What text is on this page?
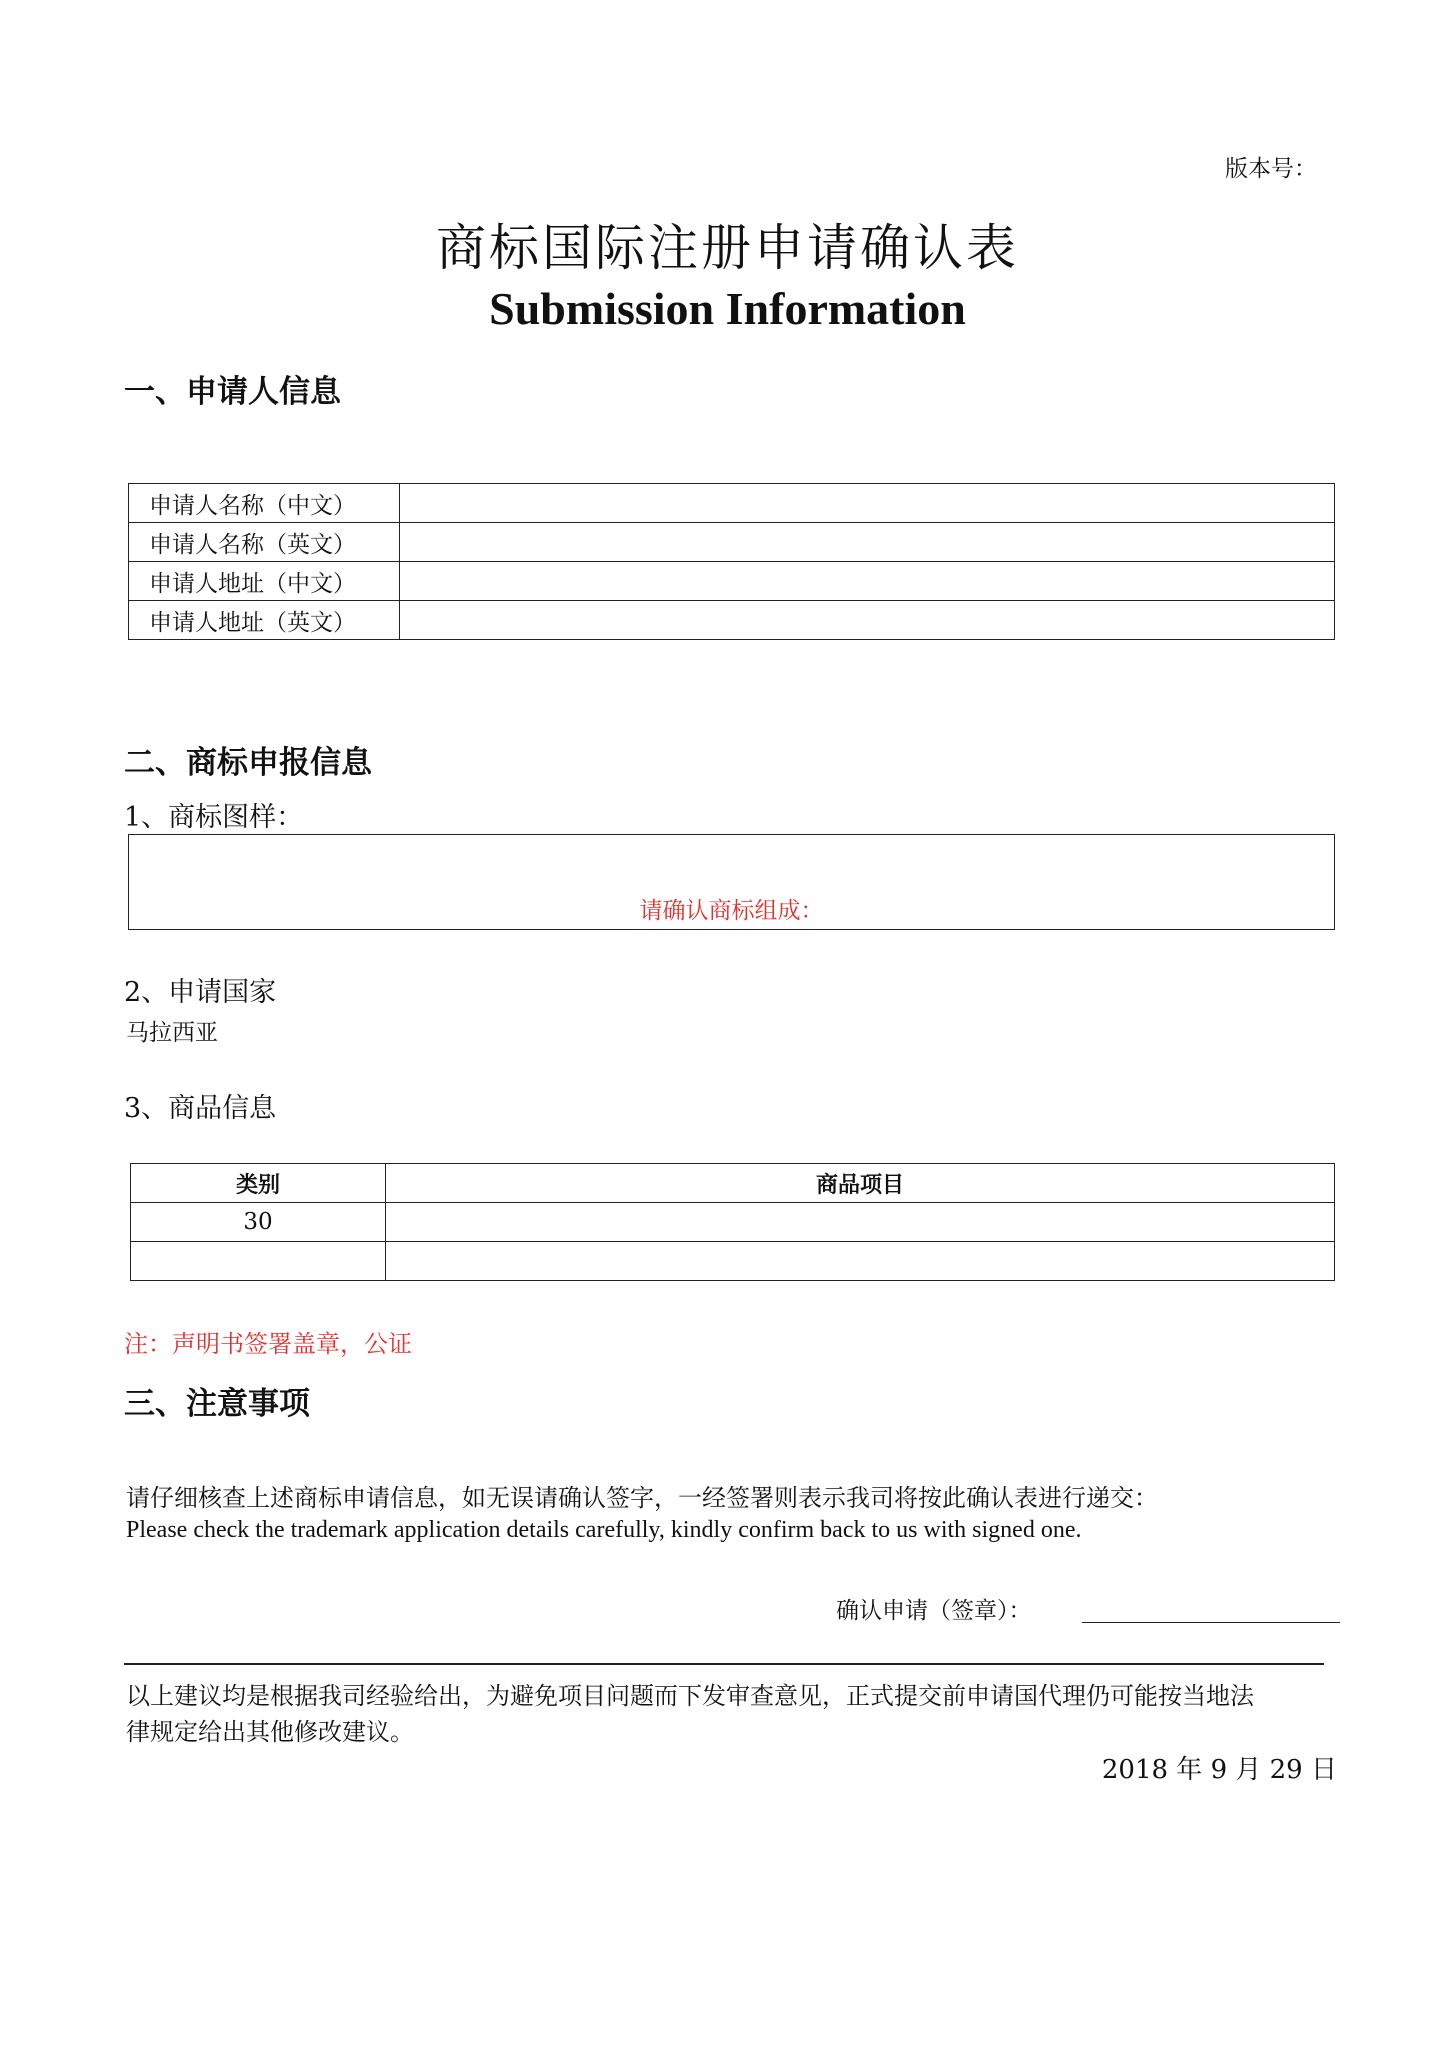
版本号：
商标国际注册申请确认表
Submission Information
一、申请人信息
申请人名称（中文）	
申请人名称（英文）	
申请人地址（中文）	
申请人地址（英文）	
二、商标申报信息
1、商标图样：
请确认商标组成：
2、申请国家
马拉西亚
3、商品信息
类别	商品项目
30	

注：声明书签署盖章，公证
三、注意事项
请仔细核查上述商标申请信息，如无误请确认签字，一经签署则表示我司将按此确认表进行递交：
Please check the trademark application details carefully, kindly confirm back to us with signed one.
确认申请（签章）：
以上建议均是根据我司经验给出，为避免项目问题而下发审查意见，正式提交前申请国代理仍可能按当地法
律规定给出其他修改建议。
2018 年 9 月 29 日
